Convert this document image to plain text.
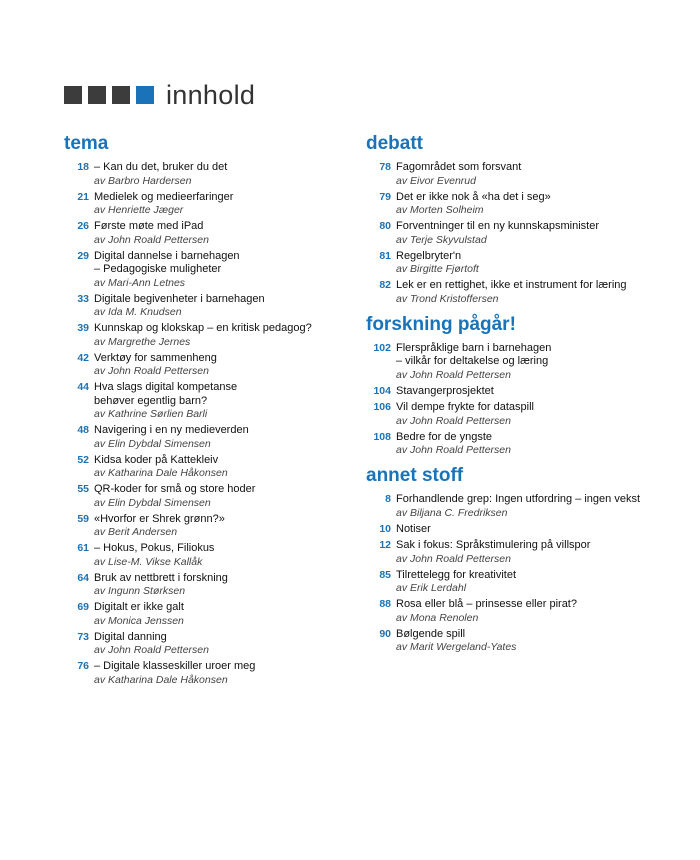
innhold
tema
18 – Kan du det, bruker du det
av Barbro Hardersen
21 Medielek og medieerfaringer
av Henriette Jæger
26 Første møte med iPad
av John Roald Pettersen
29 Digital dannelse i barnehagen
– Pedagogiske muligheter
av Mari-Ann Letnes
33 Digitale begivenheter i barnehagen
av Ida M. Knudsen
39 Kunnskap og klokskap – en kritisk pedagog?
av Margrethe Jernes
42 Verktøy for sammenheng
av John Roald Pettersen
44 Hva slags digital kompetanse
behøver egentlig barn?
av Kathrine Sørlien Barli
48 Navigering i en ny medieverden
av Elin Dybdal Simensen
52 Kidsa koder på Kattekleiv
av Katharina Dale Håkonsen
55 QR-koder for små og store hoder
av Elin Dybdal Simensen
59 «Hvorfor er Shrek grønn?»
av Berit Andersen
61 – Hokus, Pokus, Filiokus
av Lise-M. Vikse Kallåk
64 Bruk av nettbrett i forskning
av Ingunn Størksen
69 Digitalt er ikke galt
av Monica Jenssen
73 Digital danning
av John Roald Pettersen
76 – Digitale klasseskiller uroer meg
av Katharina Dale Håkonsen
debatt
78 Fagområdet som forsvant
av Eivor Evenrud
79 Det er ikke nok å «ha det i seg»
av Morten Solheim
80 Forventninger til en ny kunnskapsminister
av Terje Skyvulstad
81 Regelbryter'n
av Birgitte Fjørtoft
82 Lek er en rettighet, ikke et instrument for læring
av Trond Kristoffersen
forskning pågår!
102 Flerspråklige barn i barnehagen
– vilkår for deltakelse og læring
av John Roald Pettersen
104 Stavangerprosjektet
106 Vil dempe frykte for dataspill
av John Roald Pettersen
108 Bedre for de yngste
av John Roald Pettersen
annet stoff
8 Forhandlende grep: Ingen utfordring – ingen vekst
av Biljana C. Fredriksen
10 Notiser
12 Sak i fokus: Språkstimulering på villspor
av John Roald Pettersen
85 Tilrettelegg for kreativitet
av Erik Lerdahl
88 Rosa eller blå – prinsesse eller pirat?
av Mona Renolen
90 Bølgende spill
av Marit Wergeland-Yates
